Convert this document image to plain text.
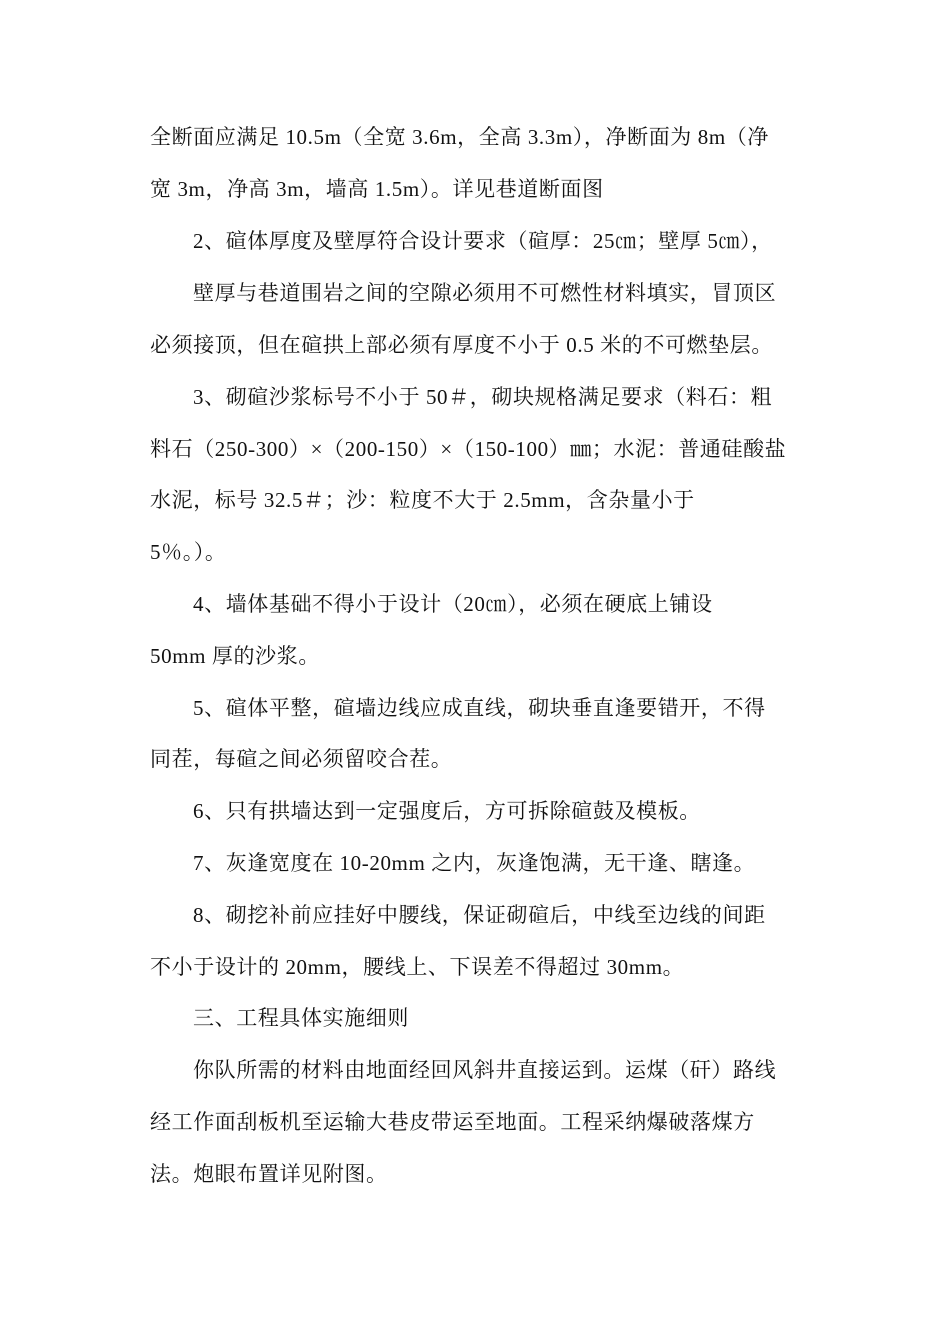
全断面应满足 10.5m（全宽 3.6m，全高 3.3m），净断面为 8m（净
宽 3m，净高 3m，墙高 1.5m）。详见巷道断面图
2、碹体厚度及壁厚符合设计要求（碹厚：25㎝；壁厚 5㎝），
壁厚与巷道围岩之间的空隙必须用不可燃性材料填实，冒顶区
必须接顶，但在碹拱上部必须有厚度不小于 0.5 米的不可燃垫层。
3、砌碹沙浆标号不小于 50＃，砌块规格满足要求（料石：粗
料石（250-300）×（200-150）×（150-100）㎜；水泥：普通硅酸盐
水泥，标号 32.5＃；沙：粒度不大于 2.5mm，含杂量小于
5％。）。
4、墙体基础不得小于设计（20㎝），必须在硬底上铺设
50mm 厚的沙浆。
5、碹体平整，碹墙边线应成直线，砌块垂直逢要错开，不得
同茬，每碹之间必须留咬合茬。
6、只有拱墙达到一定强度后，方可拆除碹鼓及模板。
7、灰逢宽度在 10-20mm 之内，灰逢饱满，无干逢、瞎逢。
8、砌挖补前应挂好中腰线，保证砌碹后，中线至边线的间距
不小于设计的 20mm，腰线上、下误差不得超过 30mm。
三、工程具体实施细则
你队所需的材料由地面经回风斜井直接运到。运煤（矸）路线
经工作面刮板机至运输大巷皮带运至地面。工程采纳爆破落煤方
法。炮眼布置详见附图。
